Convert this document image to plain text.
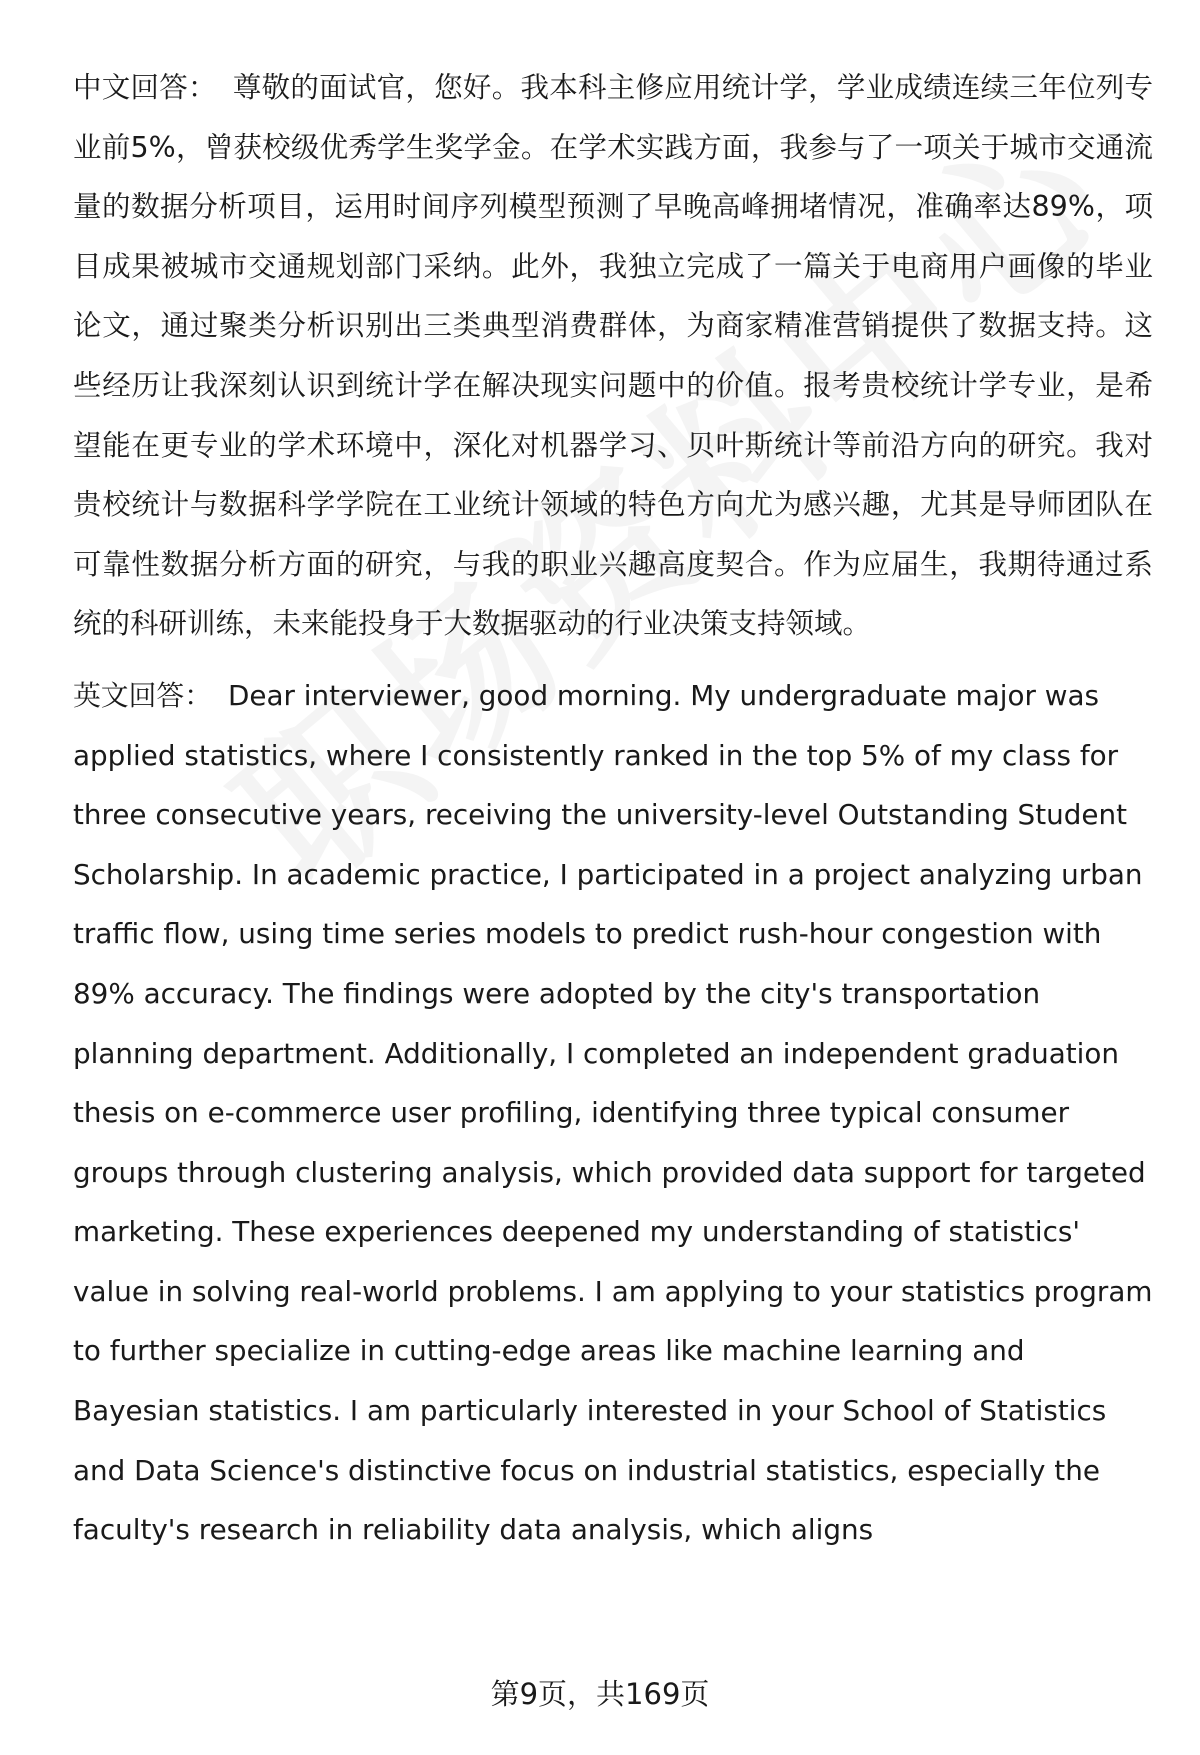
中文回答： 尊敬的面试官，您好。我本科主修应用统计学，学业成绩连续三年位列专业前5%，曾获校级优秀学生奖学金。在学术实践方面，我参与了一项关于城市交通流量的数据分析项目，运用时间序列模型预测了早晚高峰拥堵情况，准确率达89%，项目成果被城市交通规划部门采纳。此外，我独立完成了一篇关于电商用户画像的毕业论文，通过聚类分析识别出三类典型消费群体，为商家精准营销提供了数据支持。这些经历让我深刻认识到统计学在解决现实问题中的价值。报考贵校统计学专业，是希望能在更专业的学术环境中，深化对机器学习、贝叶斯统计等前沿方向的研究。我对贵校统计与数据科学学院在工业统计领域的特色方向尤为感兴趣，尤其是导师团队在可靠性数据分析方面的研究，与我的职业兴趣高度契合。作为应届生，我期待通过系统的科研训练，未来能投身于大数据驱动的行业决策支持领域。

英文回答： Dear interviewer, good morning. My undergraduate major was applied statistics, where I consistently ranked in the top 5% of my class for three consecutive years, receiving the university-level Outstanding Student Scholarship. In academic practice, I participated in a project analyzing urban traffic flow, using time series models to predict rush-hour congestion with 89% accuracy. The findings were adopted by the city's transportation planning department. Additionally, I completed an independent graduation thesis on e-commerce user profiling, identifying three typical consumer groups through clustering analysis, which provided data support for targeted marketing. These experiences deepened my understanding of statistics' value in solving real-world problems. I am applying to your statistics program to further specialize in cutting-edge areas like machine learning and Bayesian statistics. I am particularly interested in your School of Statistics and Data Science's distinctive focus on industrial statistics, especially the faculty's research in reliability data analysis, which aligns

第9页，共169页
